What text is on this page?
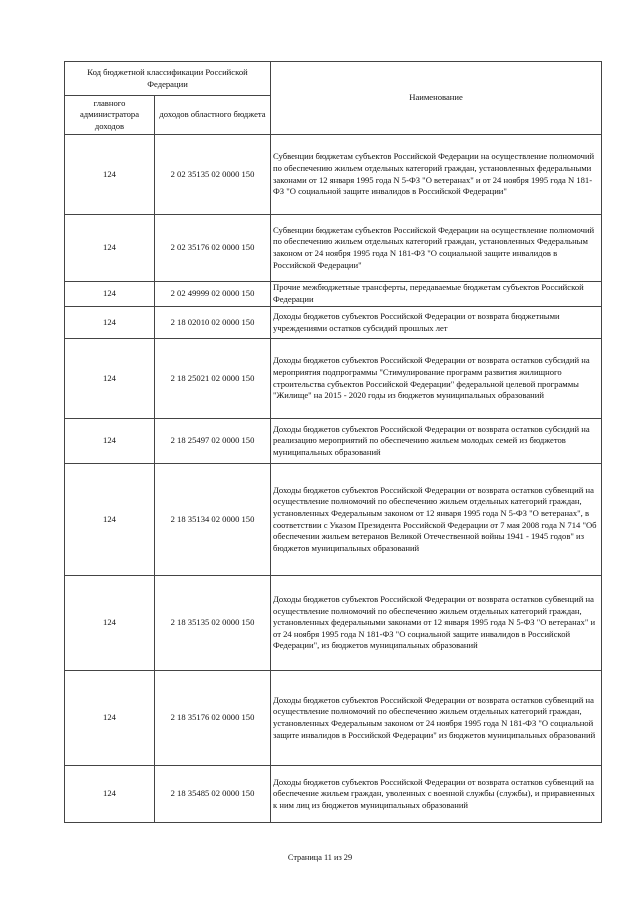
Код бюджетной классификации Российской Федерации		Наименование
главного администратора доходов	доходов областного бюджета	
124	2 02 35135 02 0000 150	Субвенции бюджетам субъектов Российской Федерации на осуществление полномочий по обеспечению жильем отдельных категорий граждан, установленных федеральными законами от 12 января 1995 года N 5-ФЗ "О ветеранах" и от 24 ноября 1995 года N 181-ФЗ "О социальной защите инвалидов в Российской Федерации"
124	2 02 35176 02 0000 150	Субвенции бюджетам субъектов Российской Федерации на осуществление полномочий по обеспечению жильем отдельных категорий граждан, установленных Федеральным законом от 24 ноября 1995 года N 181-ФЗ "О социальной защите инвалидов в Российской Федерации"
124	2 02 49999 02 0000 150	Прочие межбюджетные трансферты, передаваемые бюджетам субъектов Российской Федерации
124	2 18 02010 02 0000 150	Доходы бюджетов субъектов Российской Федерации от возврата бюджетными учреждениями остатков субсидий прошлых лет
124	2 18 25021 02 0000 150	Доходы бюджетов субъектов Российской Федерации от возврата остатков субсидий на мероприятия подпрограммы "Стимулирование программ развития жилищного строительства субъектов Российской Федерации" федеральной целевой программы "Жилище" на 2015 - 2020 годы из бюджетов муниципальных образований
124	2 18 25497 02 0000 150	Доходы бюджетов субъектов Российской Федерации от возврата остатков субсидий на реализацию мероприятий по обеспечению жильем молодых семей из бюджетов муниципальных образований
124	2 18 35134 02 0000 150	Доходы бюджетов субъектов Российской Федерации от возврата остатков субвенций на осуществление полномочий по обеспечению жильем отдельных категорий граждан, установленных Федеральным законом от 12 января 1995 года N 5-ФЗ "О ветеранах", в соответствии с Указом Президента Российской Федерации от 7 мая 2008 года N 714 "Об обеспечении жильем ветеранов Великой Отечественной войны 1941 - 1945 годов" из бюджетов муниципальных образований
124	2 18 35135 02 0000 150	Доходы бюджетов субъектов Российской Федерации от возврата остатков субвенций на осуществление полномочий по обеспечению жильем отдельных категорий граждан, установленных федеральными законами от 12 января 1995 года N 5-ФЗ "О ветеранах" и от 24 ноября 1995 года N 181-ФЗ "О социальной защите инвалидов в Российской Федерации", из бюджетов муниципальных образований
124	2 18 35176 02 0000 150	Доходы бюджетов субъектов Российской Федерации от возврата остатков субвенций на осуществление полномочий по обеспечению жильем отдельных категорий граждан, установленных Федеральным законом от 24 ноября 1995 года N 181-ФЗ "О социальной защите инвалидов в Российской Федерации" из бюджетов муниципальных образований
124	2 18 35485 02 0000 150	Доходы бюджетов субъектов Российской Федерации от возврата остатков субвенций на обеспечение жильем граждан, уволенных с военной службы (службы), и приравненных к ним лиц из бюджетов муниципальных образований
Страница 11 из 29
